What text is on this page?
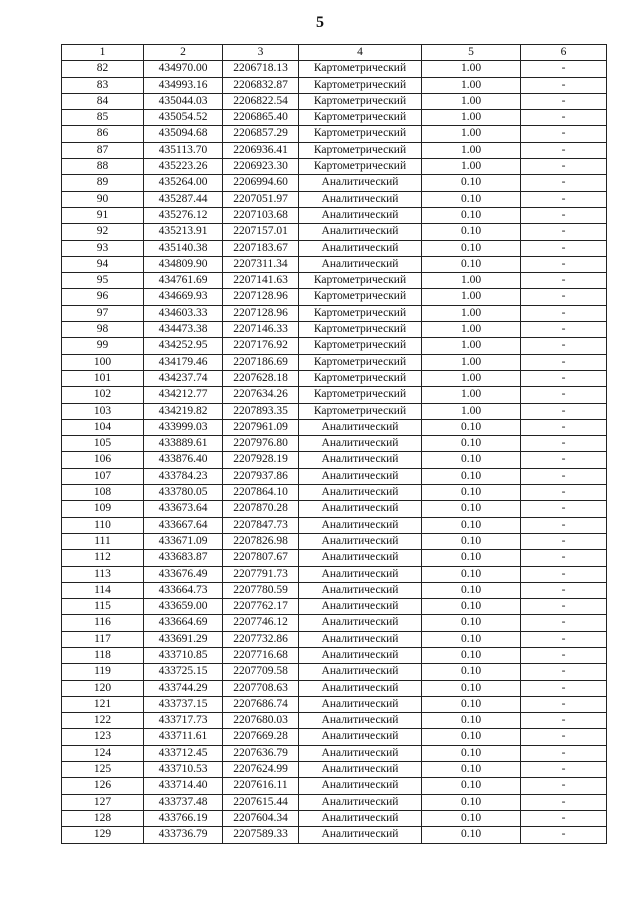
5
1	2	3	4	5	6
82	434970.00	2206718.13	Картометрический	1.00	-
83	434993.16	2206832.87	Картометрический	1.00	-
84	435044.03	2206822.54	Картометрический	1.00	-
85	435054.52	2206865.40	Картометрический	1.00	-
86	435094.68	2206857.29	Картометрический	1.00	-
87	435113.70	2206936.41	Картометрический	1.00	-
88	435223.26	2206923.30	Картометрический	1.00	-
89	435264.00	2206994.60	Аналитический	0.10	-
90	435287.44	2207051.97	Аналитический	0.10	-
91	435276.12	2207103.68	Аналитический	0.10	-
92	435213.91	2207157.01	Аналитический	0.10	-
93	435140.38	2207183.67	Аналитический	0.10	-
94	434809.90	2207311.34	Аналитический	0.10	-
95	434761.69	2207141.63	Картометрический	1.00	-
96	434669.93	2207128.96	Картометрический	1.00	-
97	434603.33	2207128.96	Картометрический	1.00	-
98	434473.38	2207146.33	Картометрический	1.00	-
99	434252.95	2207176.92	Картометрический	1.00	-
100	434179.46	2207186.69	Картометрический	1.00	-
101	434237.74	2207628.18	Картометрический	1.00	-
102	434212.77	2207634.26	Картометрический	1.00	-
103	434219.82	2207893.35	Картометрический	1.00	-
104	433999.03	2207961.09	Аналитический	0.10	-
105	433889.61	2207976.80	Аналитический	0.10	-
106	433876.40	2207928.19	Аналитический	0.10	-
107	433784.23	2207937.86	Аналитический	0.10	-
108	433780.05	2207864.10	Аналитический	0.10	-
109	433673.64	2207870.28	Аналитический	0.10	-
110	433667.64	2207847.73	Аналитический	0.10	-
111	433671.09	2207826.98	Аналитический	0.10	-
112	433683.87	2207807.67	Аналитический	0.10	-
113	433676.49	2207791.73	Аналитический	0.10	-
114	433664.73	2207780.59	Аналитический	0.10	-
115	433659.00	2207762.17	Аналитический	0.10	-
116	433664.69	2207746.12	Аналитический	0.10	-
117	433691.29	2207732.86	Аналитический	0.10	-
118	433710.85	2207716.68	Аналитический	0.10	-
119	433725.15	2207709.58	Аналитический	0.10	-
120	433744.29	2207708.63	Аналитический	0.10	-
121	433737.15	2207686.74	Аналитический	0.10	-
122	433717.73	2207680.03	Аналитический	0.10	-
123	433711.61	2207669.28	Аналитический	0.10	-
124	433712.45	2207636.79	Аналитический	0.10	-
125	433710.53	2207624.99	Аналитический	0.10	-
126	433714.40	2207616.11	Аналитический	0.10	-
127	433737.48	2207615.44	Аналитический	0.10	-
128	433766.19	2207604.34	Аналитический	0.10	-
129	433736.79	2207589.33	Аналитический	0.10	-
